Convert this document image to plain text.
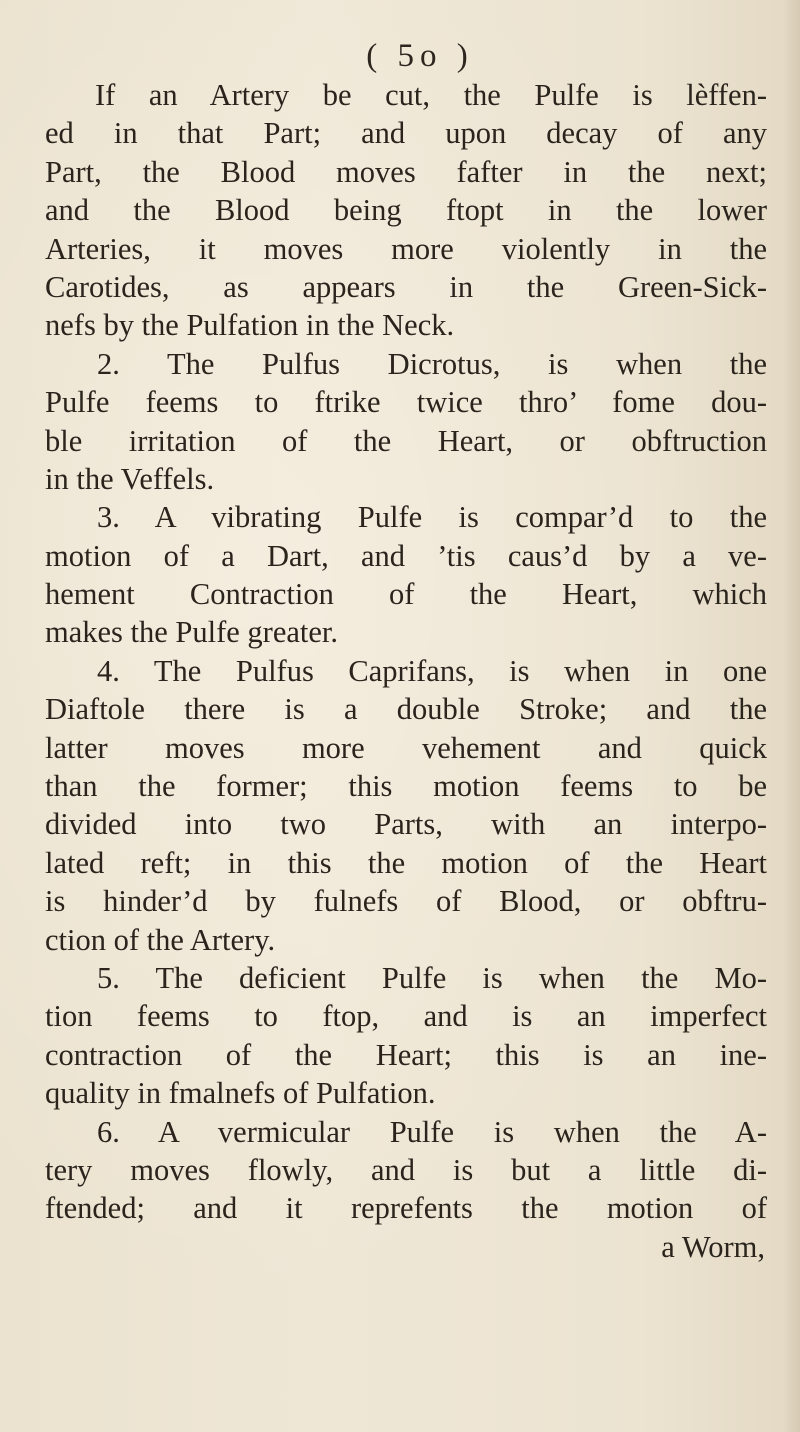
( 5o )
If an Artery be cut, the Pulfe is lèffen-
ed in that Part; and upon decay of any
Part, the Blood moves fafter in the next;
and the Blood being ftopt in the lower
Arteries, it moves more violently in the
Carotides, as appears in the Green-Sick-
nefs by the Pulfation in the Neck.
2. The Pulfus Dicrotus, is when the
Pulfe feems to ftrike twice thro’ fome dou-
ble irritation of the Heart, or obftruction
in the Veffels.
3. A vibrating Pulfe is compar’d to the
motion of a Dart, and ’tis caus’d by a ve-
hement Contraction of the Heart, which
makes the Pulfe greater.
4. The Pulfus Caprifans, is when in one
Diaftole there is a double Stroke; and the
latter moves more vehement and quick
than the former; this motion feems to be
divided into two Parts, with an interpo-
lated reft; in this the motion of the Heart
is hinder’d by fulnefs of Blood, or obftru-
ction of the Artery.
5. The deficient Pulfe is when the Mo-
tion feems to ftop, and is an imperfect
contraction of the Heart; this is an ine-
quality in fmalnefs of Pulfation.
6. A vermicular Pulfe is when the A-
tery moves flowly, and is but a little di-
ftended; and it reprefents the motion of
a Worm,
